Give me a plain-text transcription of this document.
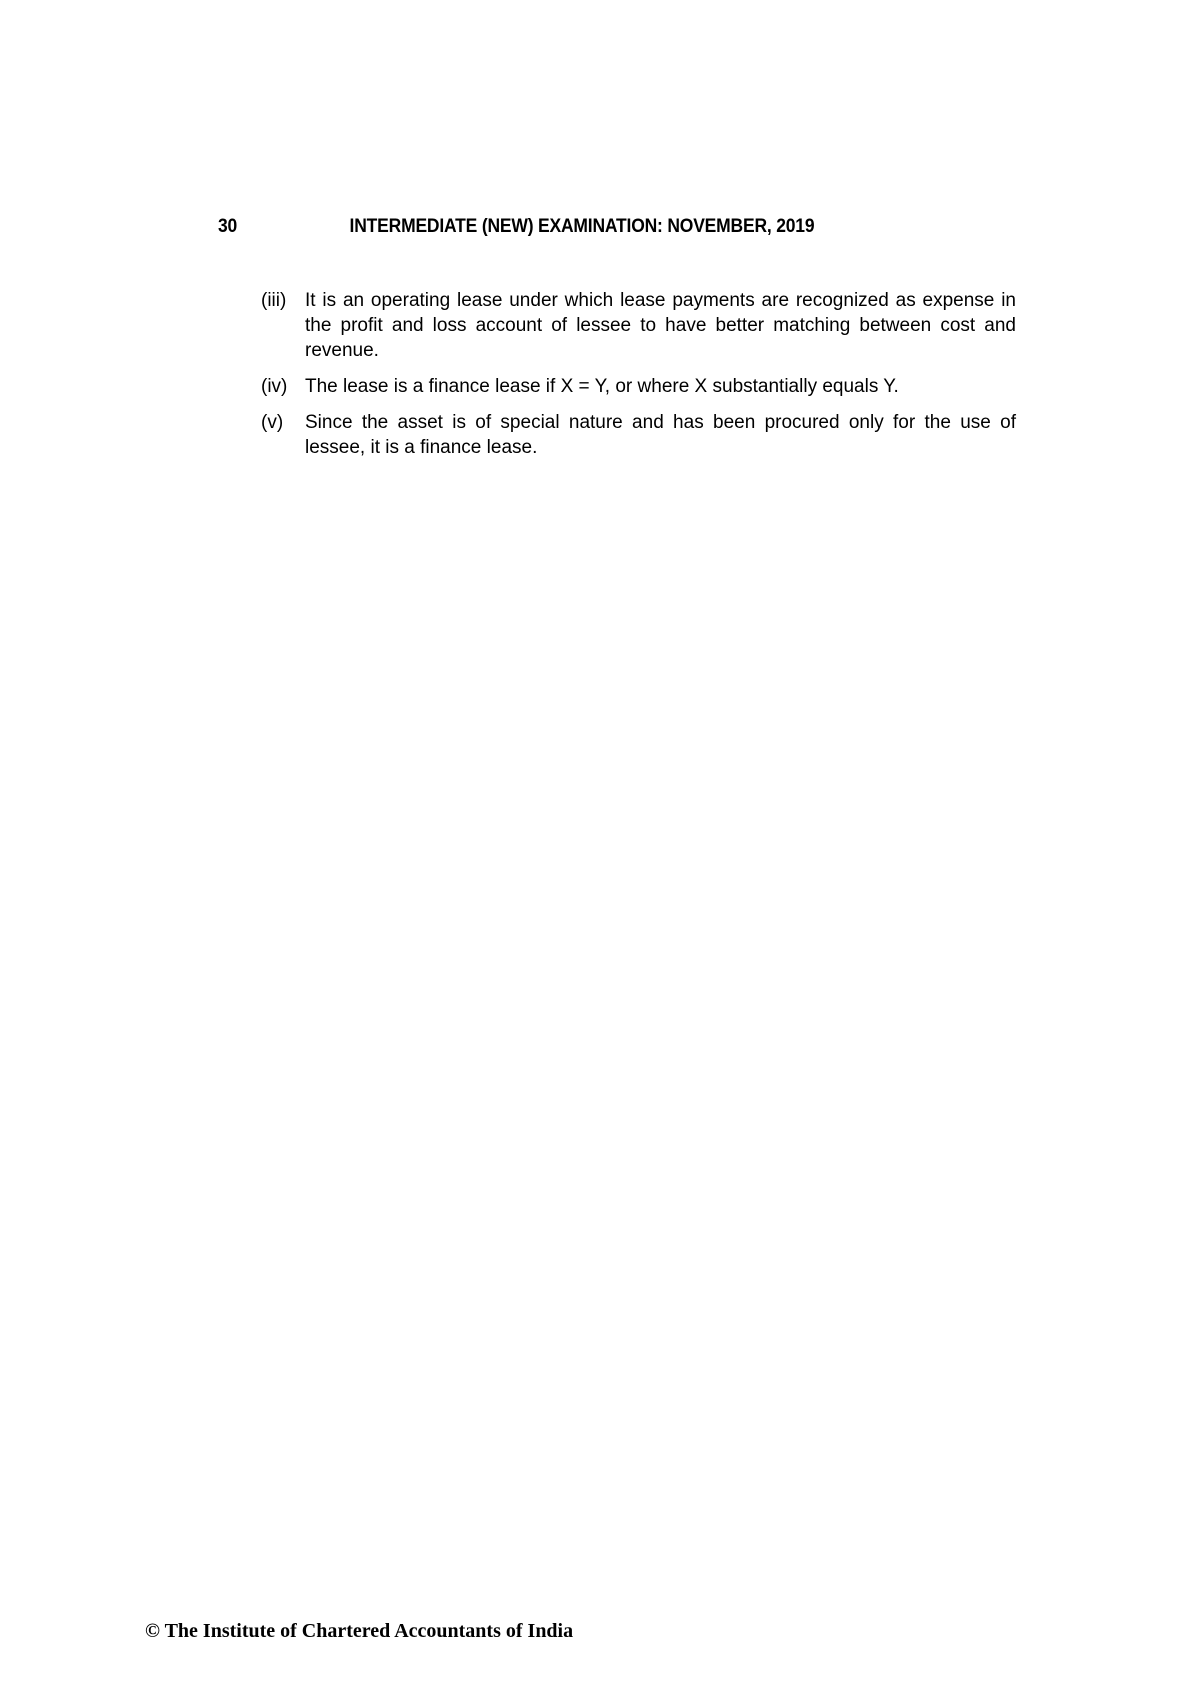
30	INTERMEDIATE (NEW) EXAMINATION: NOVEMBER, 2019
(iii) It is an operating lease under which lease payments are recognized as expense in the profit and loss account of lessee to have better matching between cost and revenue.
(iv) The lease is a finance lease if X = Y, or where X substantially equals Y.
(v)	Since the asset is of special nature and has been procured only for the use of lessee, it is a finance lease.
© The Institute of Chartered Accountants of India
